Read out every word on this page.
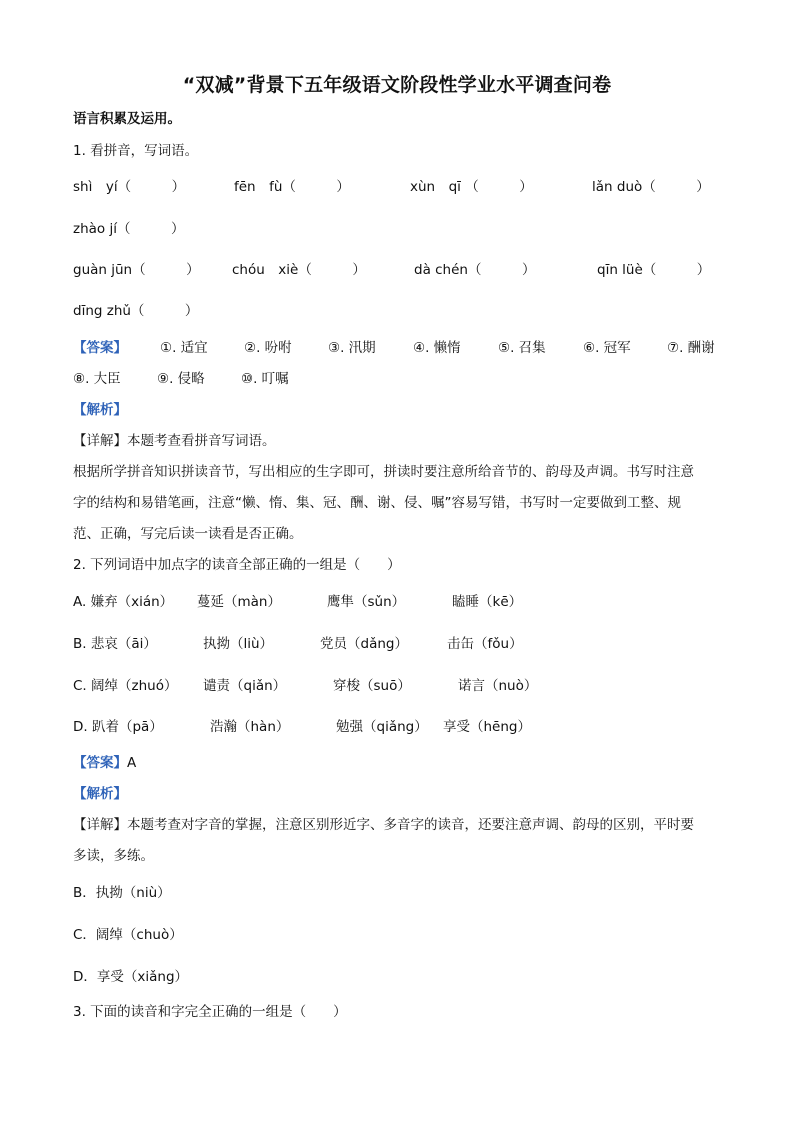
“双减”背景下五年级语文阶段性学业水平调查问卷
语言积累及运用。
1. 看拼音，写词语。
shì　yí（　　　）	fēn　fù（　　　）	xùn　qī （　　　）	lǎn duò（　　　）
zhào jí（　　　）
guàn jūn（　　　） chóu　xiè（　　　）	dà chén（　　　）	qīn lüè（　　　）
dīng zhǔ（　　　）
【答案】 ①. 适宜	②. 吩咐	③. 汛期	④. 懒惰	⑤. 召集	⑥. 冠军	⑦. 酬谢
⑧. 大臣	⑨. 侵略	⑩. 叮嘱
【解析】
【详解】本题考查看拼音写词语。
根据所学拼音知识拼读音节，写出相应的生字即可，拼读时要注意所给音节的、韵母及声调。书写时注意
字的结构和易错笔画，注意“懒、惰、集、冠、酬、谢、侵、嘱”容易写错，书写时一定要做到工整、规
范、正确，写完后读一读看是否正确。
2. 下列词语中加点字的读音全部正确的一组是（　　）
A. 嫌弃（xián） 蔓延（màn）	鹰隼（sǔn）	瞌睡（kē）
B. 悲哀（āi）	执拗（liù）	党员（dǎng）	击缶（fǒu）
C. 阔绰（zhuó） 谴责（qiǎn）	穿梭（suō）	诺言（nuò）
D. 趴着（pā）	浩瀚（hàn）	勉强（qiǎng） 享受（hēng）
【答案】A
【解析】
【详解】本题考查对字音的掌握，注意区别形近字、多音字的读音，还要注意声调、韵母的区别，平时要
多读，多练。
B．执拗（niù）
C．阔绰（chuò）
D．享受（xiǎng）
3. 下面的读音和字完全正确的一组是（　　）
